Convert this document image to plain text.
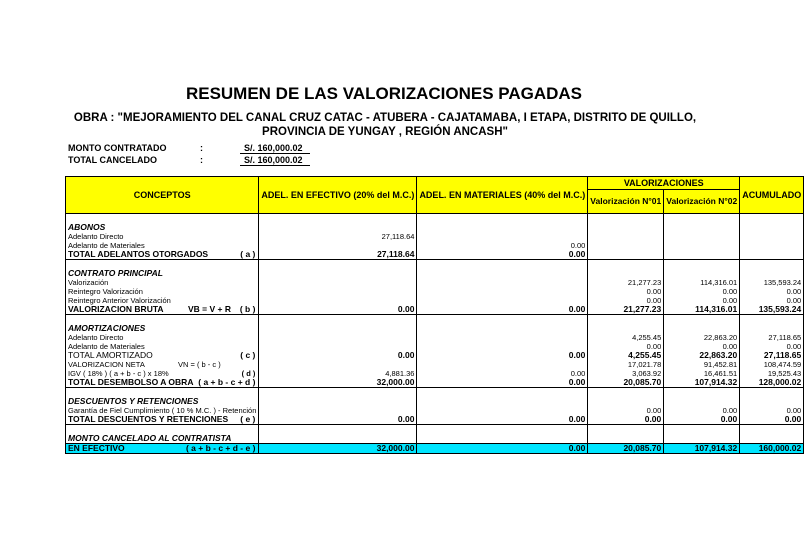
RESUMEN DE LAS VALORIZACIONES PAGADAS
OBRA : "MEJORAMIENTO DEL CANAL CRUZ CATAC - ATUBERA - CAJATAMABA, I ETAPA, DISTRITO DE QUILLO, PROVINCIA DE YUNGAY , REGIÓN ANCASH"
MONTO CONTRATADO	:	S/. 160,000.02
TOTAL CANCELADO	:	S/. 160,000.02
CONCEPTOS	ADEL. EN EFECTIVO (20% del M.C.)	ADEL. EN MATERIALES (40% del M.C.)	VALORIZACIONES		ACUMULADO
			Valorización N°01	Valorización N°02	

ABONOS					
Adelanto Directo	27,118.64				
Adelanto de Materiales		0.00			
TOTAL ADELANTOS OTORGADOS ( a )	27,118.64	0.00			

CONTRATO PRINCIPAL					
Valorización			21,277.23	114,316.01	135,593.24
Reintegro Valorización			0.00	0.00	0.00
Reintegro Anterior Valorización			0.00	0.00	0.00
VALORIZACION BRUTA VB = V + R ( b )	0.00	0.00	21,277.23	114,316.01	135,593.24

AMORTIZACIONES					
Adelanto Directo			4,255.45	22,863.20	27,118.65
Adelanto de Materiales			0.00	0.00	0.00
TOTAL AMORTIZADO ( c )	0.00	0.00	4,255.45	22,863.20	27,118.65
VALORIZACION NETA VN = ( b - c )			17,021.78	91,452.81	108,474.59
IGV ( 18% ) ( a + b - c ) x 18% ( d )	4,881.36	0.00	3,063.92	16,461.51	19,525.43
TOTAL DESEMBOLSO A OBRA ( a + b - c + d )	32,000.00	0.00	20,085.70	107,914.32	128,000.02

DESCUENTOS Y RETENCIONES					
Garantía de Fiel Cumplimiento ( 10 % M.C. ) - Retención			0.00	0.00	0.00
TOTAL DESCUENTOS Y RETENCIONES ( e )	0.00	0.00	0.00	0.00	0.00

MONTO CANCELADO AL CONTRATISTA					
EN EFECTIVO ( a + b - c + d - e )	32,000.00	0.00	20,085.70	107,914.32	160,000.02
